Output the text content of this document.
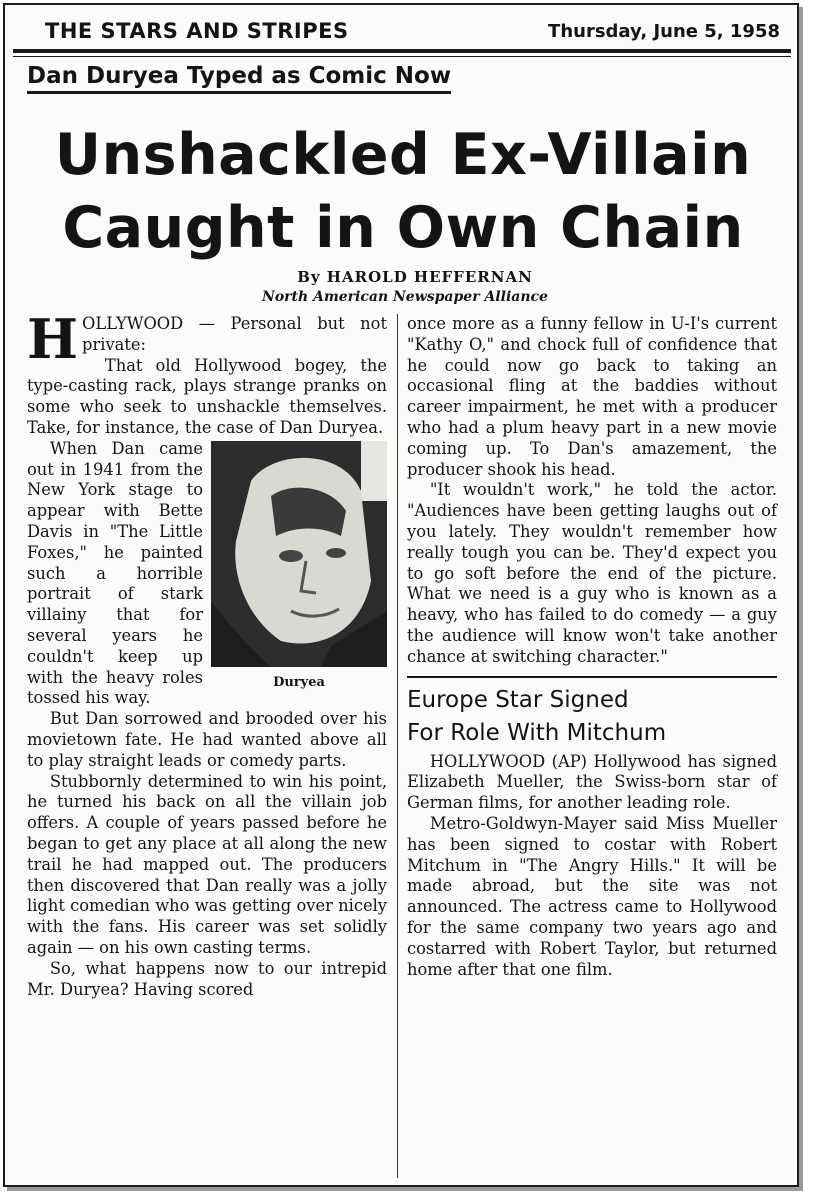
THE STARS AND STRIPES	Thursday, June 5, 1958
Dan Duryea Typed as Comic Now
Unshackled Ex-Villain
Caught in Own Chain
By HAROLD HEFFERNAN
North American Newspaper Alliance

HOLLYWOOD — Personal but not private:

That old Hollywood bogey, the type-casting rack, plays strange pranks on some who seek to unshackle themselves. Take, for instance, the case of Dan Duryea.

Duryea

When Dan came out in 1941 from the New York stage to appear with Bette Davis in "The Little Foxes," he painted such a horrible portrait of stark villainy that for several years he couldn't keep up with the heavy roles tossed his way.

But Dan sorrowed and brooded over his movietown fate. He had wanted above all to play straight leads or comedy parts.

Stubbornly determined to win his point, he turned his back on all the villain job offers. A couple of years passed before he began to get any place at all along the new trail he had mapped out. The producers then discovered that Dan really was a jolly light comedian who was getting over nicely with the fans. His career was set solidly again — on his own casting terms.

So, what happens now to our intrepid Mr. Duryea? Having scored

once more as a funny fellow in U-I's current "Kathy O," and chock full of confidence that he could now go back to taking an occasional fling at the baddies without career impairment, he met with a producer who had a plum heavy part in a new movie coming up. To Dan's amazement, the producer shook his head.

"It wouldn't work," he told the actor. "Audiences have been getting laughs out of you lately. They wouldn't remember how really tough you can be. They'd expect you to go soft before the end of the picture. What we need is a guy who is known as a heavy, who has failed to do comedy — a guy the audience will know won't take another chance at switching character."

Europe Star Signed
For Role With Mitchum

HOLLYWOOD (AP) Hollywood has signed Elizabeth Mueller, the Swiss-born star of German films, for another leading role.

Metro-Goldwyn-Mayer said Miss Mueller has been signed to costar with Robert Mitchum in "The Angry Hills." It will be made abroad, but the site was not announced. The actress came to Hollywood for the same company two years ago and costarred with Robert Taylor, but returned home after that one film.
